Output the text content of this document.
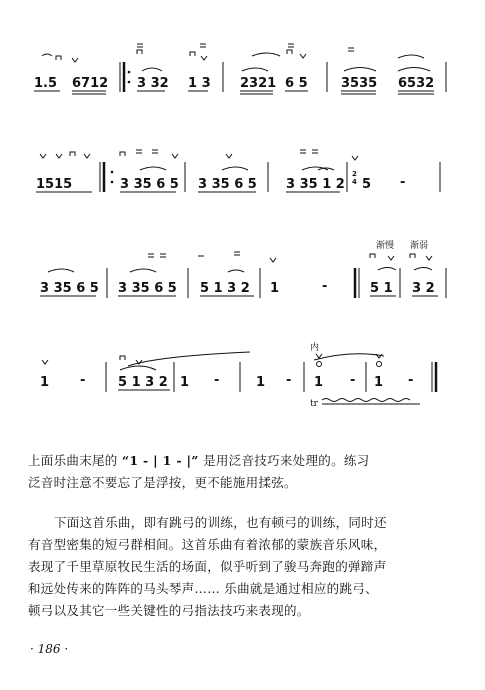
1.5 6712 3 32 1 3 2321 6 5	3535 6532
1515	3 35 6 5 3 35 6 5 3 35 1 2 5 -
2
4
渐慢 渐弱
3 35 6 5 3 35 6 5 5 1 3 2 1	-	5 1 3 2
内
tr
1 -	5 1 3 2 1 -	1 - 1 - 1 -
上面乐曲末尾的 “1 - | 1 - |” 是用泛音技巧来处理的。练习
泛音时注意不要忘了是浮按，更不能施用揉弦。
下面这首乐曲，即有跳弓的训练，也有顿弓的训练，同时还
有音型密集的短弓群相间。这首乐曲有着浓郁的蒙族音乐风味，
表现了千里草原牧民生活的场面，似乎听到了骏马奔跑的弹蹄声
和远处传来的阵阵的马头琴声…… 乐曲就是通过相应的跳弓、
顿弓以及其它一些关键性的弓指法技巧来表现的。
· 186 ·
